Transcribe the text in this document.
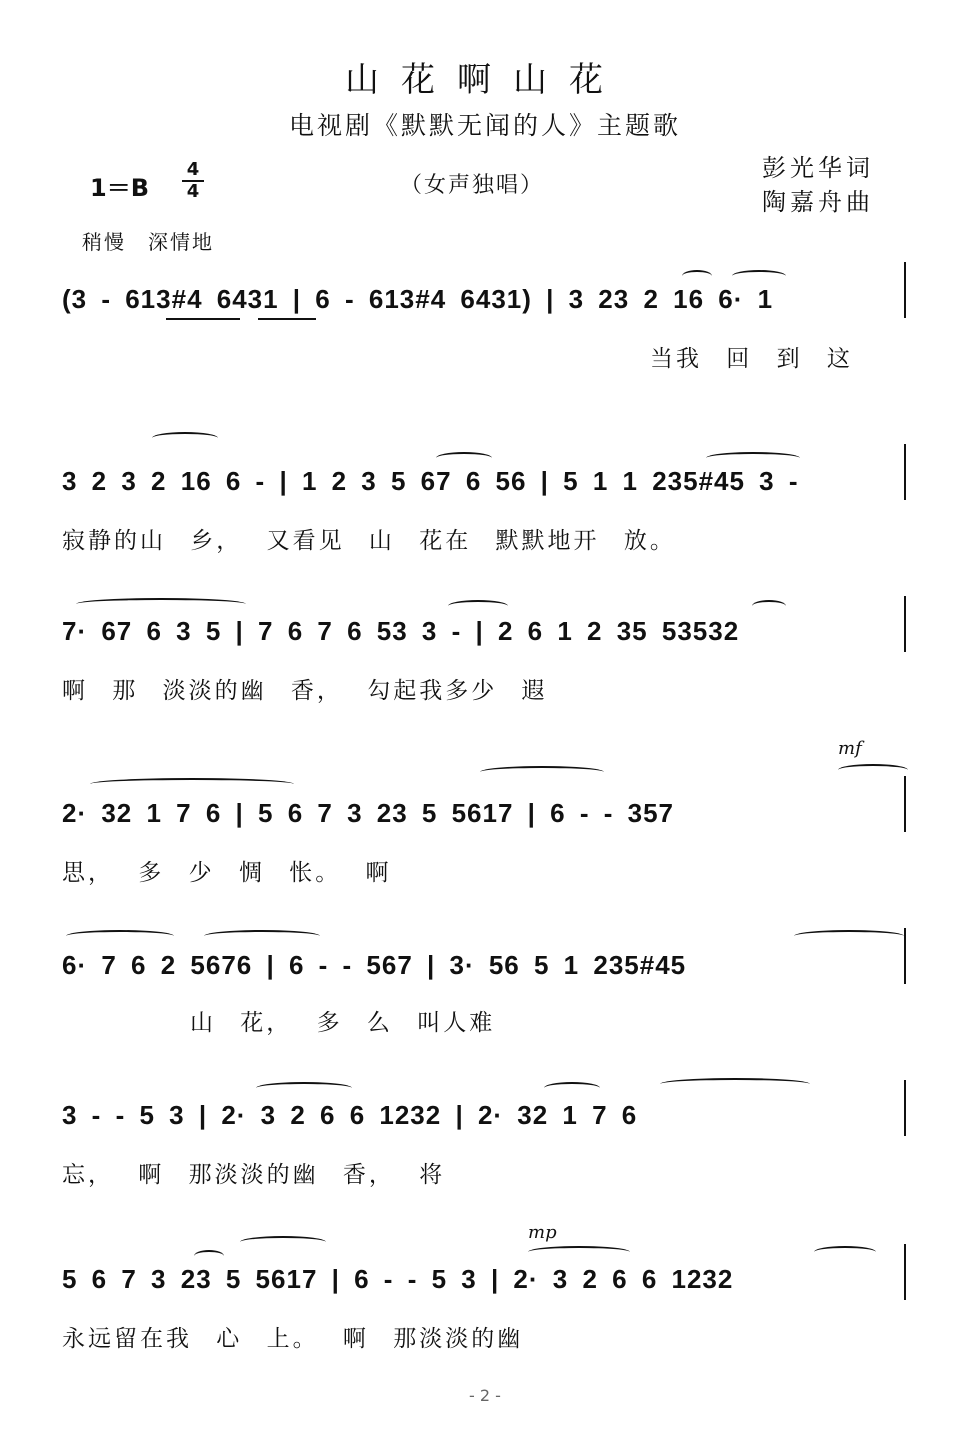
山花啊山花
电视剧《默默无闻的人》主题歌
1＝B
4
4	（女声独唱）
彭光华词
陶嘉舟曲
稍慢　深情地
(3 - 613#4 6431 | 6 - 613#4 6431) | 3 23 2 16 6· 1
当我 回 到 这
3 2 3 2 16 6 - | 1 2 3 5 67 6 56 | 5 1 1 235#45 3 -
寂静的山 乡， 又看见 山 花在 默默地开 放。
7· 67 6 3 5 | 7 6 7 6 53 3 - | 2 6 1 2 35 53532
啊 那 淡淡的幽 香， 勾起我多少 遐
mf
2· 32 1 7 6 | 5 6 7 3 23 5 5617 | 6 - - 357
思， 多 少 惆 怅。 啊
6· 7 6 2 5676 | 6 - - 567 | 3· 56 5 1 235#45
山 花， 多 么 叫人难
3 - - 5 3 | 2· 3 2 6 6 1232 | 2· 32 1 7 6
忘， 啊 那淡淡的幽 香， 将
mp
5 6 7 3 23 5 5617 | 6 - - 5 3 | 2· 3 2 6 6 1232
永远留在我 心 上。 啊 那淡淡的幽
- 2 -
